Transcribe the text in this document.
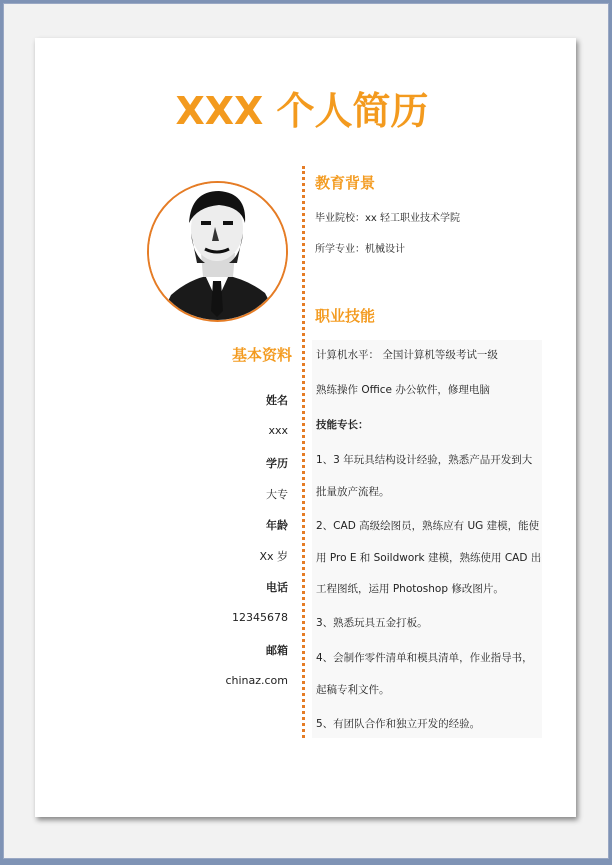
XXX 个人简历
基本资料
姓名
xxx
学历
大专
年龄
Xx 岁
电话
12345678
邮箱
chinaz.com
教育背景
毕业院校：xx 轻工职业技术学院
所学专业：机械设计
职业技能
计算机水平： 全国计算机等级考试一级
熟练操作 Office 办公软件，修理电脑
技能专长：
1、3 年玩具结构设计经验，熟悉产品开发到大
批量放产流程。
2、CAD 高级绘图员，熟练应有 UG 建模，能使
用 Pro E 和 Soildwork 建模，熟练使用 CAD 出
工程图纸，运用 Photoshop 修改图片。
3、熟悉玩具五金打板。
4、会制作零件清单和模具清单，作业指导书，
起稿专利文件。
5、有团队合作和独立开发的经验。
